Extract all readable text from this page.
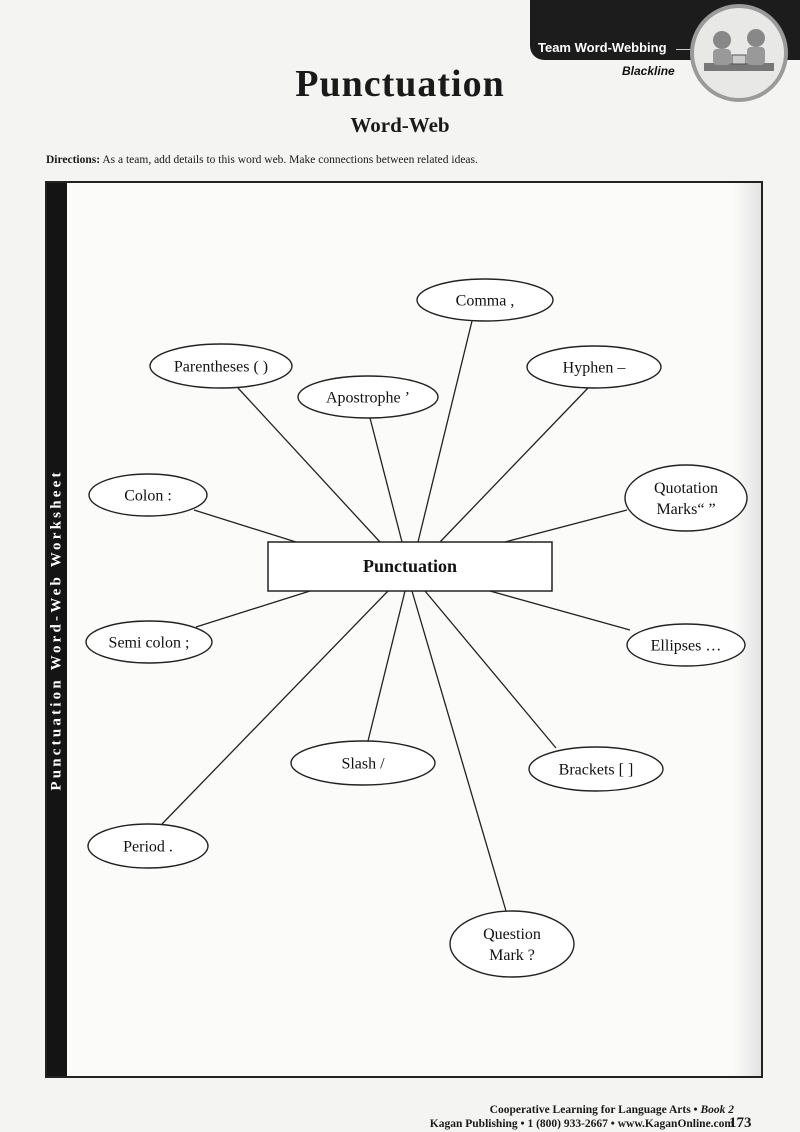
Team Word-Webbing
Blackline
Punctuation
Word-Web
Directions: As a team, add details to this word web. Make connections between related ideas.
Punctuation Word-Web Worksheet
Comma ,
Parentheses ( )
Apostrophe ’
Hyphen –
Colon :	Quotation
Marks“ ”
Semi colon ;	Ellipses …
Slash /	Brackets [ ]
Period .
Question
Mark ?
Punctuation
Cooperative Learning for Language Arts • Book 2
Kagan Publishing • 1 (800) 933-2667 • www.KaganOnline.com
173
